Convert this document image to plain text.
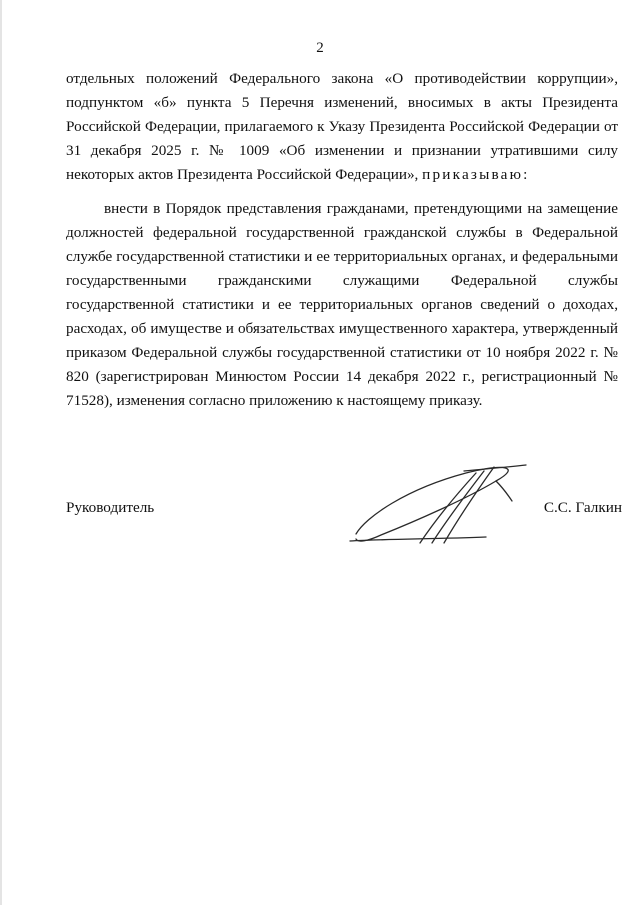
2

отдельных положений Федерального закона «О противодействии коррупции», подпунктом «б» пункта 5 Перечня изменений, вносимых в акты Президента Российской Федерации, прилагаемого к Указу Президента Российской Федерации от 31 декабря 2025 г. № 1009 «Об изменении и признании утратившими силу некоторых актов Президента Российской Федерации», приказываю:

внести в Порядок представления гражданами, претендующими на замещение должностей федеральной государственной гражданской службы в Федеральной службе государственной статистики и ее территориальных органах, и федеральными государственными гражданскими служащими Федеральной службы государственной статистики и ее территориальных органов сведений о доходах, расходах, об имуществе и обязательствах имущественного характера, утвержденный приказом Федеральной службы государственной статистики от 10 ноября 2022 г. № 820 (зарегистрирован Минюстом России 14 декабря 2022 г., регистрационный № 71528), изменения согласно приложению к настоящему приказу.

Руководитель	С.С. Галкин
